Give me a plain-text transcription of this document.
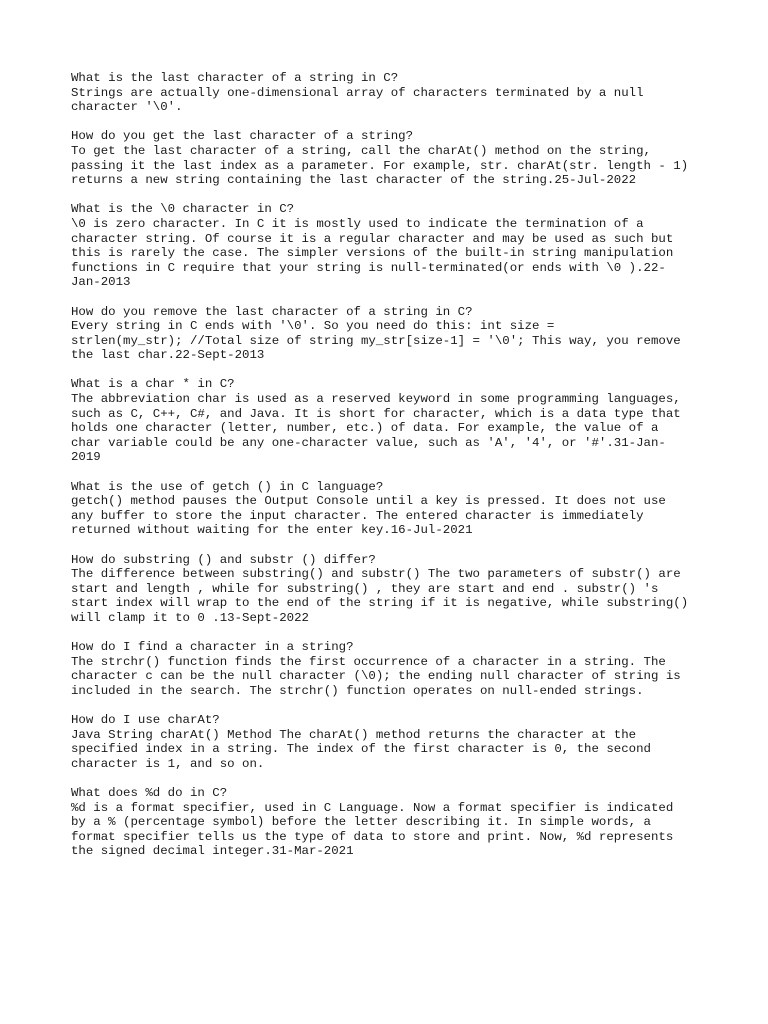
What is the last character of a string in C?
Strings are actually one-dimensional array of characters terminated by a null
character '\0'.
How do you get the last character of a string?
To get the last character of a string, call the charAt() method on the string,
passing it the last index as a parameter. For example, str. charAt(str. length - 1)
returns a new string containing the last character of the string.25-Jul-2022
What is the \0 character in C?
\0 is zero character. In C it is mostly used to indicate the termination of a
character string. Of course it is a regular character and may be used as such but
this is rarely the case. The simpler versions of the built-in string manipulation
functions in C require that your string is null-terminated(or ends with \0 ).22-
Jan-2013
How do you remove the last character of a string in C?
Every string in C ends with '\0'. So you need do this: int size =
strlen(my_str); //Total size of string my_str[size-1] = '\0'; This way, you remove
the last char.22-Sept-2013
What is a char * in C?
The abbreviation char is used as a reserved keyword in some programming languages,
such as C, C++, C#, and Java. It is short for character, which is a data type that
holds one character (letter, number, etc.) of data. For example, the value of a
char variable could be any one-character value, such as 'A', '4', or '#'.31-Jan-
2019
What is the use of getch () in C language?
getch() method pauses the Output Console until a key is pressed. It does not use
any buffer to store the input character. The entered character is immediately
returned without waiting for the enter key.16-Jul-2021
How do substring () and substr () differ?
The difference between substring() and substr() The two parameters of substr() are
start and length , while for substring() , they are start and end . substr() 's
start index will wrap to the end of the string if it is negative, while substring()
will clamp it to 0 .13-Sept-2022
How do I find a character in a string?
The strchr() function finds the first occurrence of a character in a string. The
character c can be the null character (\0); the ending null character of string is
included in the search. The strchr() function operates on null-ended strings.
How do I use charAt?
Java String charAt() Method The charAt() method returns the character at the
specified index in a string. The index of the first character is 0, the second
character is 1, and so on.
What does %d do in C?
%d is a format specifier, used in C Language. Now a format specifier is indicated
by a % (percentage symbol) before the letter describing it. In simple words, a
format specifier tells us the type of data to store and print. Now, %d represents
the signed decimal integer.31-Mar-2021
